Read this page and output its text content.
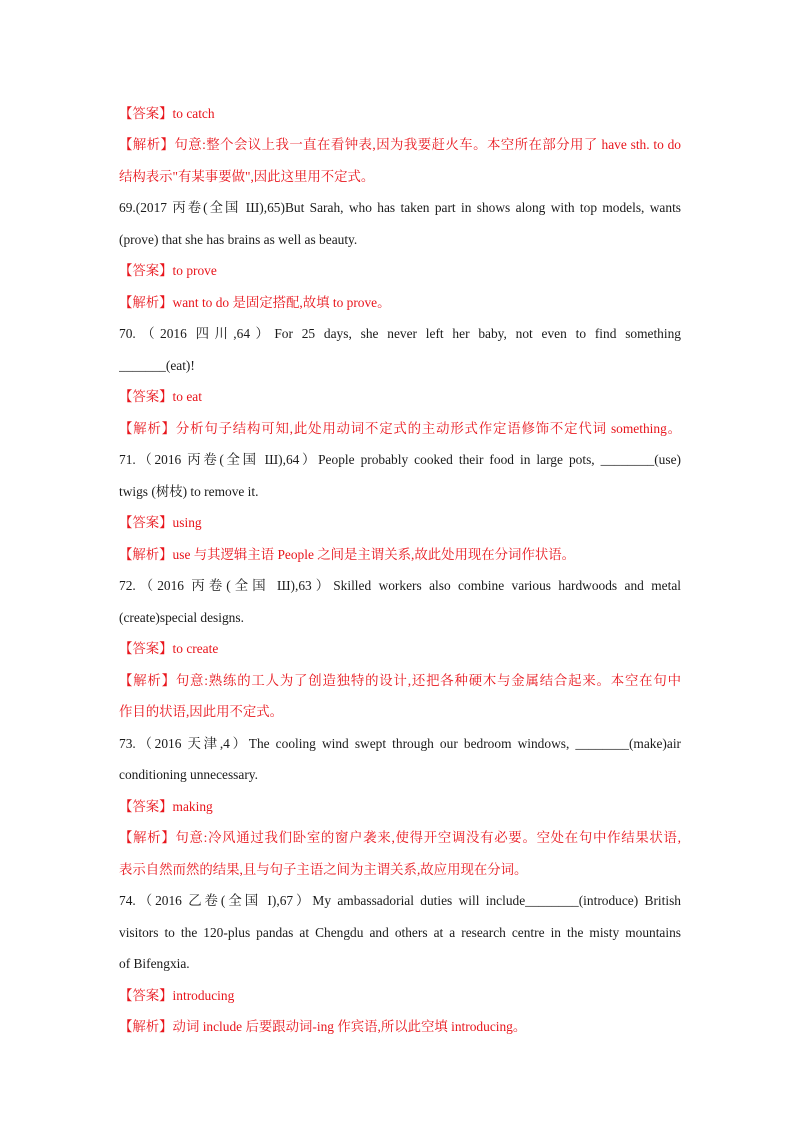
【答案】to catch
【解析】句意:整个会议上我一直在看钟表,因为我要赶火车。本空所在部分用了 have sth. to do
结构表示"有某事要做",因此这里用不定式。
69.(2017 丙卷(全国 Ш),65)But Sarah, who has taken part in shows along with top models, wants
(prove) that she has brains as well as beauty.
【答案】to prove
【解析】want to do 是固定搭配,故填 to prove。
70.（2016 四川,64）For 25 days, she never left her baby, not even to find something
_______(eat)!
【答案】to eat
【解析】分析句子结构可知,此处用动词不定式的主动形式作定语修饰不定代词 something。
71.（2016 丙卷(全国 Ш),64）People probably cooked their food in large pots, ________(use)
twigs (树枝) to remove it.
【答案】using
【解析】use 与其逻辑主语 People 之间是主谓关系,故此处用现在分词作状语。
72.（2016 丙卷(全国 Ш),63）Skilled workers also combine various hardwoods and metal
(create)special designs.
【答案】to create
【解析】句意:熟练的工人为了创造独特的设计,还把各种硬木与金属结合起来。本空在句中
作目的状语,因此用不定式。
73.（2016 天津,4）The cooling wind swept through our bedroom windows, ________(make)air
conditioning unnecessary.
【答案】making
【解析】句意:冷风通过我们卧室的窗户袭来,使得开空调没有必要。空处在句中作结果状语,
表示自然而然的结果,且与句子主语之间为主谓关系,故应用现在分词。
74.（2016 乙卷(全国 I),67）My ambassadorial duties will include________(introduce) British
visitors to the 120-plus pandas at Chengdu and others at a research centre in the misty mountains
of Bifengxia.
【答案】introducing
【解析】动词 include 后要跟动词-ing 作宾语,所以此空填 introducing。
